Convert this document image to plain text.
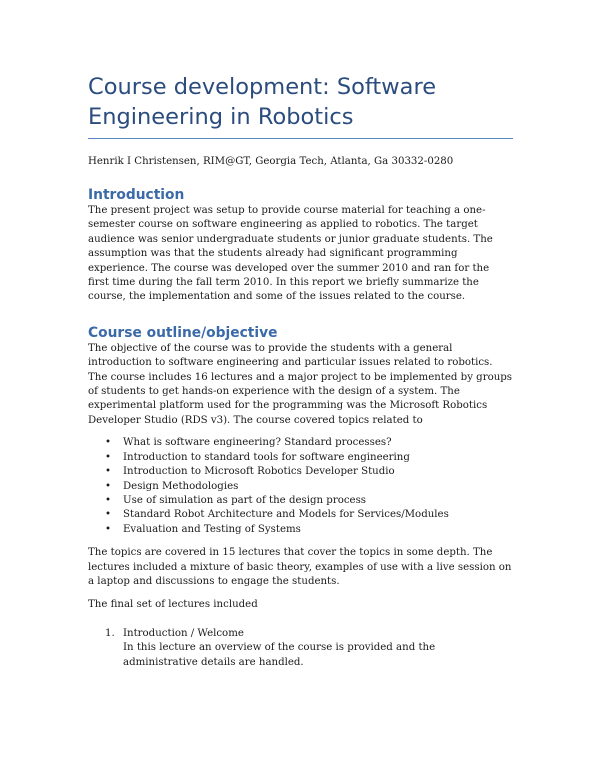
Course development: Software Engineering in Robotics
Henrik I Christensen, RIM@GT, Georgia Tech, Atlanta, Ga 30332-0280
Introduction

The present project was setup to provide course material for teaching a one-semester course on software engineering as applied to robotics. The target audience was senior undergraduate students or junior graduate students. The assumption was that the students already had significant programming experience. The course was developed over the summer 2010 and ran for the first time during the fall term 2010. In this report we briefly summarize the course, the implementation and some of the issues related to the course.

Course outline/objective

The objective of the course was to provide the students with a general introduction to software engineering and particular issues related to robotics. The course includes 16 lectures and a major project to be implemented by groups of students to get hands-on experience with the design of a system. The experimental platform used for the programming was the Microsoft Robotics Developer Studio (RDS v3). The course covered topics related to

• What is software engineering? Standard processes?
• Introduction to standard tools for software engineering
• Introduction to Microsoft Robotics Developer Studio
• Design Methodologies
• Use of simulation as part of the design process
• Standard Robot Architecture and Models for Services/Modules
• Evaluation and Testing of Systems

The topics are covered in 15 lectures that cover the topics in some depth. The lectures included a mixture of basic theory, examples of use with a live session on a laptop and discussions to engage the students.

The final set of lectures included

1. Introduction / Welcome
In this lecture an overview of the course is provided and the administrative details are handled.
